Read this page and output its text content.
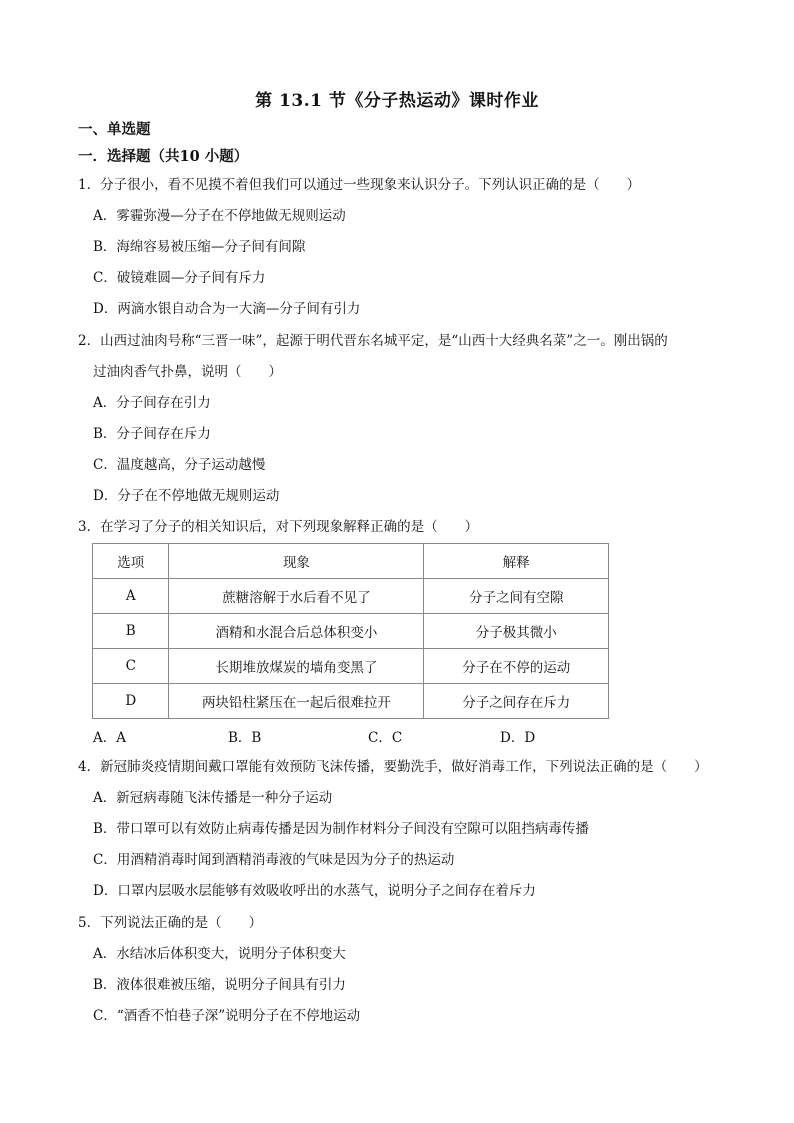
第 13.1 节《分子热运动》课时作业
一、单选题
一．选择题（共10 小题）
1．分子很小，看不见摸不着但我们可以通过一些现象来认识分子。下列认识正确的是（　　）
A．雾霾弥漫—分子在不停地做无规则运动
B．海绵容易被压缩—分子间有间隙
C．破镜难圆—分子间有斥力
D．两滴水银自动合为一大滴—分子间有引力
2．山西过油肉号称“三晋一味”，起源于明代晋东名城平定，是“山西十大经典名菜”之一。刚出锅的
过油肉香气扑鼻，说明（　　）
A．分子间存在引力
B．分子间存在斥力
C．温度越高，分子运动越慢
D．分子在不停地做无规则运动
3．在学习了分子的相关知识后，对下列现象解释正确的是（　　）
选项	现象	解释
A	蔗糖溶解于水后看不见了	分子之间有空隙
B	酒精和水混合后总体积变小	分子极其微小
C	长期堆放煤炭的墙角变黑了	分子在不停的运动
D	两块铅柱紧压在一起后很难拉开	分子之间存在斥力
A．A	B．B	C．C	D．D
4．新冠肺炎疫情期间戴口罩能有效预防飞沫传播，要勤洗手，做好消毒工作，下列说法正确的是（　　）
A．新冠病毒随飞沫传播是一种分子运动
B．带口罩可以有效防止病毒传播是因为制作材料分子间没有空隙可以阻挡病毒传播
C．用酒精消毒时闻到酒精消毒液的气味是因为分子的热运动
D．口罩内层吸水层能够有效吸收呼出的水蒸气，说明分子之间存在着斥力
5．下列说法正确的是（　　）
A．水结冰后体积变大，说明分子体积变大
B．液体很难被压缩，说明分子间具有引力
C．“酒香不怕巷子深”说明分子在不停地运动
